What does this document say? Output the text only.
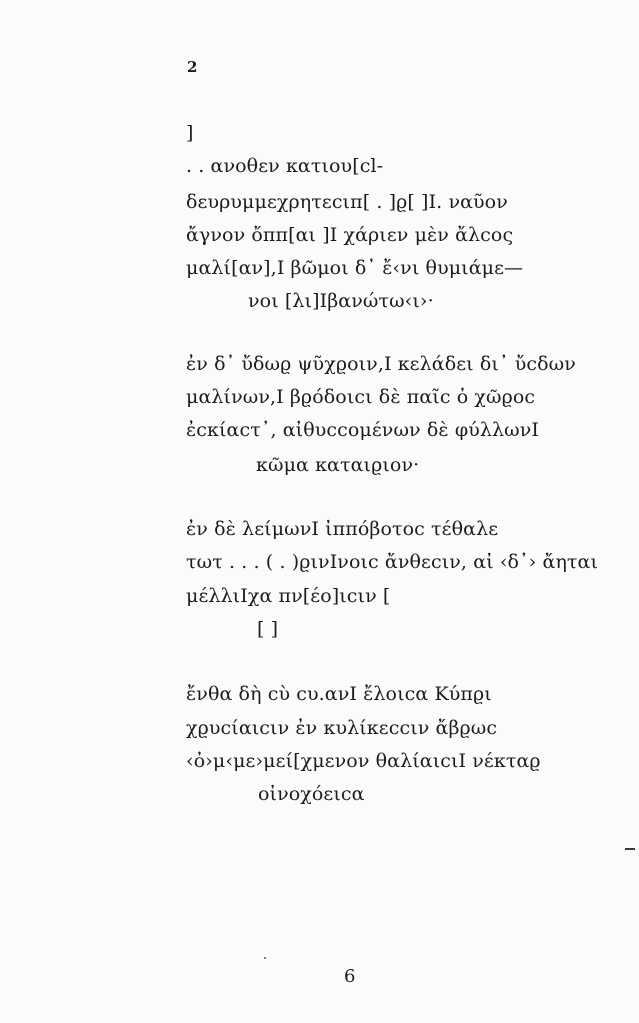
2
]
. . ανοθεν κατιου[cl-
δευρυμμεχρητεcιπ[ . ]ϱ[ ]Ι. ναῦον
ἄγνον ὄππ[αι ]Ι χάριεν μὲν ἄλcος
μαλί[αν],Ι βῶμοι δ᾿ ἔ‹νι θυμιάμε—
νοι [λι]Ιβανώτω‹ι›·
ἐν δ᾿ ὔδωϱ ψῦχϱοιν,Ι κελάδει δι᾿ ὔcδων
μαλίνων,Ι βϱόδοιcι δὲ παῖc ὀ χῶϱοc
ἐcκίαcτ᾿, αἰθυccομένων δὲ φύλλωνΙ
κῶμα καταιϱιον·
ἐν δὲ λείμωνΙ ἰππόβοτοc τέθαλε
τωτ . . . ( . )ϱινΙνοιc ἄνθεcιν, αἰ ‹δ᾿› ἄηται
μέλλιΙχα πν[έο]ιcιν [
[ ]
ἔνθα δὴ cὺ cυ.ανΙ ἔλοιcα Κύπϱι
χϱυcίαιcιν ἐν κυλίκεccιν ἄβϱωc
‹ὀ›μ‹με›μεί[χμενον θαλίαιcιΙ νέκταϱ
οἰνοχόειcα
6
